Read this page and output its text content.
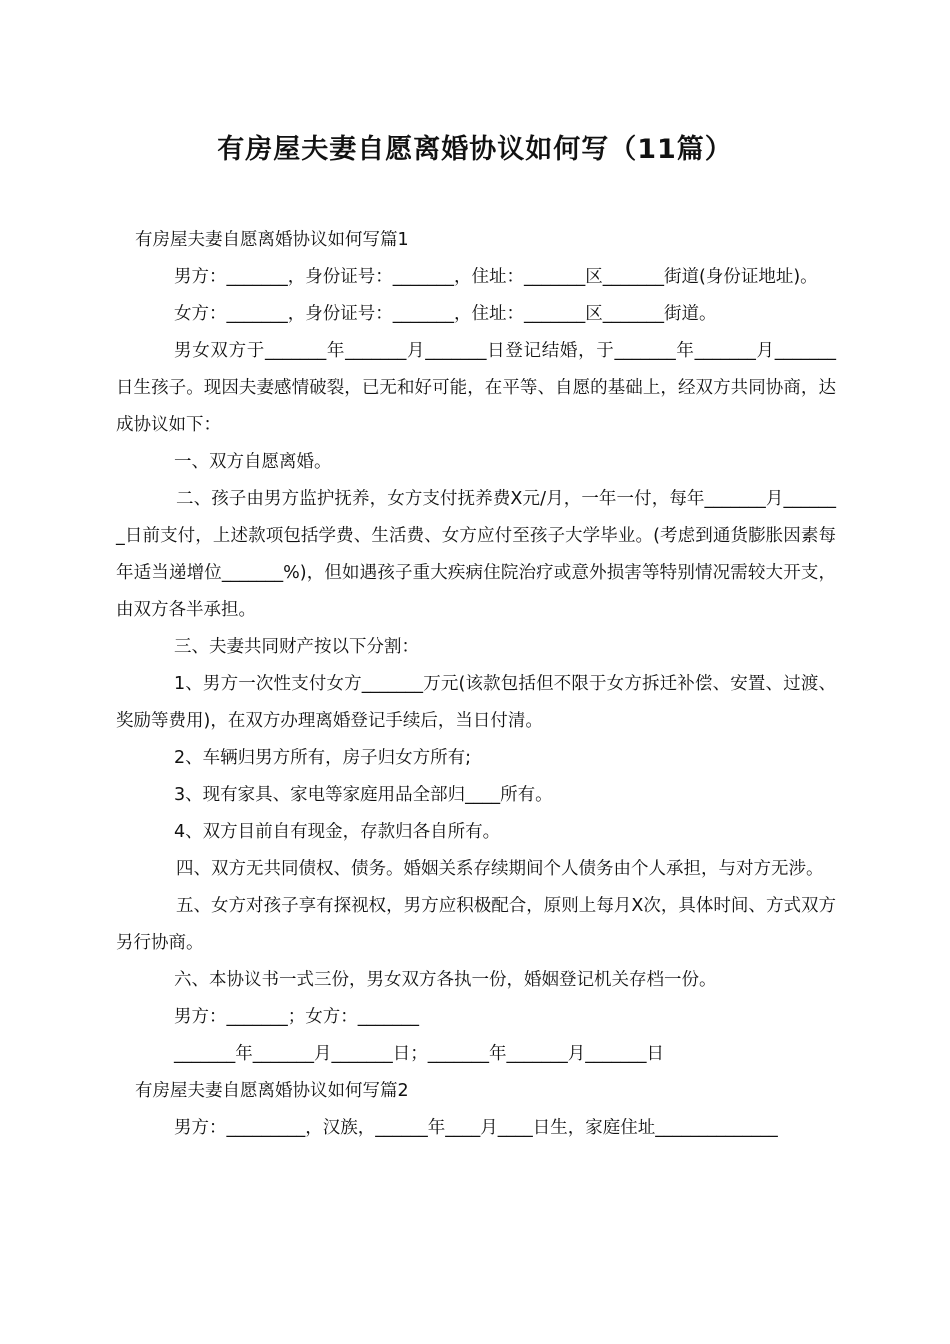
有房屋夫妻自愿离婚协议如何写（11篇）

有房屋夫妻自愿离婚协议如何写篇1

男方：_______，身份证号：_______，住址：_______区_______街道(身份证地址)。

女方：_______，身份证号：_______，住址：_______区_______街道。

男女双方于_______年_______月_______日登记结婚，于_______年_______月_______日生孩子。现因夫妻感情破裂，已无和好可能，在平等、自愿的基础上，经双方共同协商，达成协议如下：

一、双方自愿离婚。

二、孩子由男方监护抚养，女方支付抚养费X元/月，一年一付，每年_______月_______日前支付，上述款项包括学费、生活费、女方应付至孩子大学毕业。(考虑到通货膨胀因素每年适当递增位_______%)，但如遇孩子重大疾病住院治疗或意外损害等特别情况需较大开支，由双方各半承担。

三、夫妻共同财产按以下分割：

1、男方一次性支付女方_______万元(该款包括但不限于女方拆迁补偿、安置、过渡、奖励等费用)，在双方办理离婚登记手续后，当日付清。

2、车辆归男方所有，房子归女方所有;

3、现有家具、家电等家庭用品全部归____所有。

4、双方目前自有现金，存款归各自所有。

四、双方无共同债权、债务。婚姻关系存续期间个人债务由个人承担，与对方无涉。

五、女方对孩子享有探视权，男方应积极配合，原则上每月X次，具体时间、方式双方另行协商。

六、本协议书一式三份，男女双方各执一份，婚姻登记机关存档一份。

男方：_______；女方：_______

_______年_______月_______日；_______年_______月_______日

有房屋夫妻自愿离婚协议如何写篇2

男方：_________，汉族，______年____月____日生，家庭住址______________
